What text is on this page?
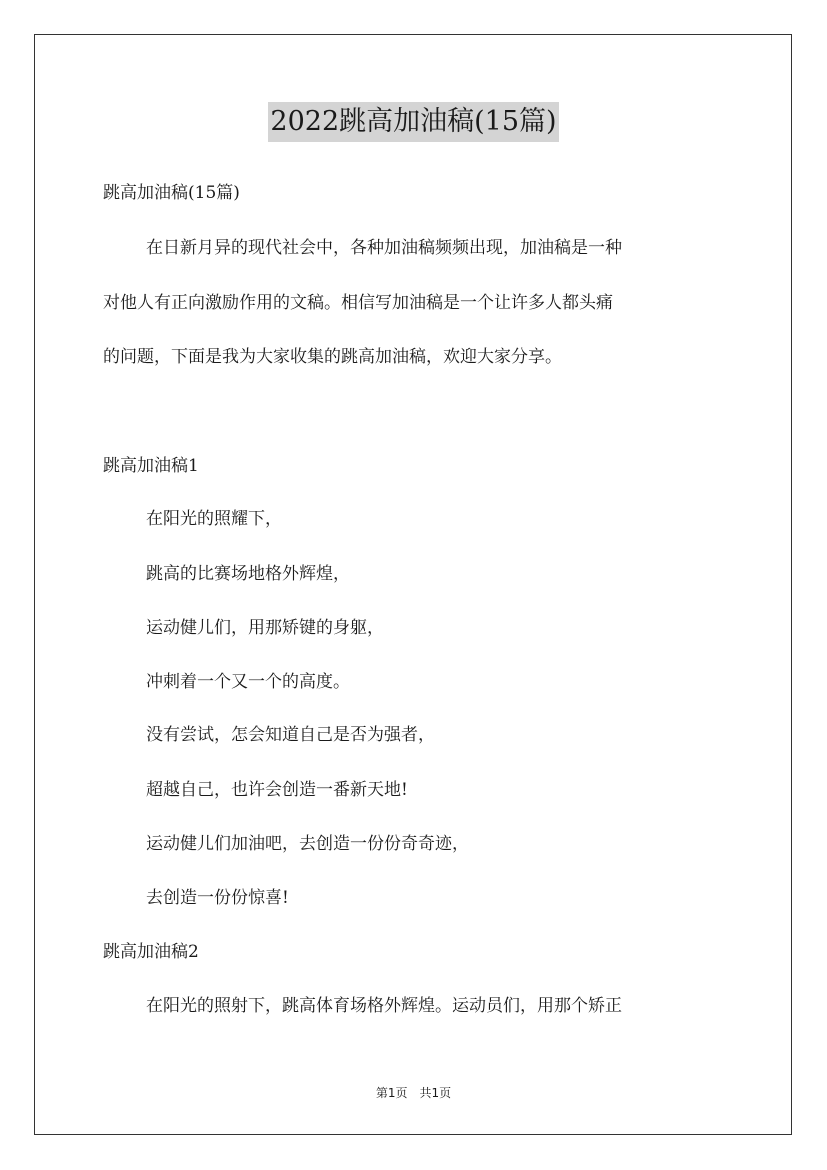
2022跳高加油稿(15篇)
跳高加油稿(15篇)
在日新月异的现代社会中，各种加油稿频频出现，加油稿是一种
对他人有正向激励作用的文稿。相信写加油稿是一个让许多人都头痛
的问题，下面是我为大家收集的跳高加油稿，欢迎大家分享。
跳高加油稿1
在阳光的照耀下，
跳高的比赛场地格外辉煌，
运动健儿们，用那矫键的身躯，
冲刺着一个又一个的高度。
没有尝试，怎会知道自己是否为强者，
超越自己，也许会创造一番新天地!
运动健儿们加油吧，去创造一份份奇奇迹，
去创造一份份惊喜!
跳高加油稿2
在阳光的照射下，跳高体育场格外辉煌。运动员们，用那个矫正
第1页　共1页
